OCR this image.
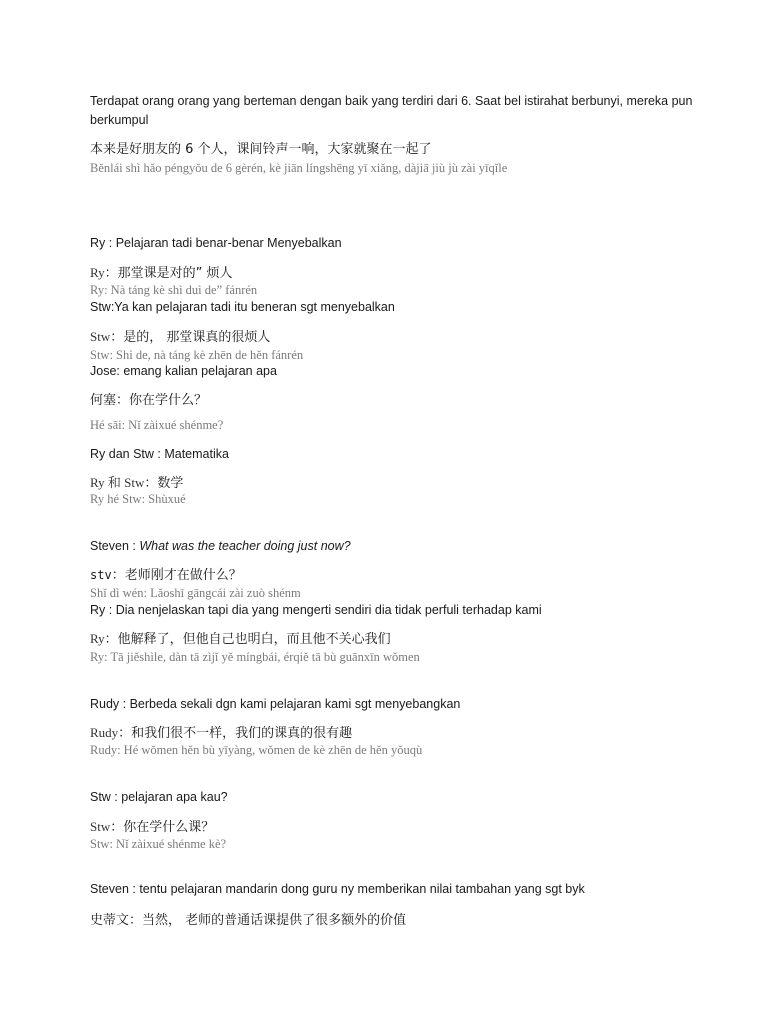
Terdapat orang orang yang berteman dengan baik yang terdiri dari 6. Saat bel istirahat berbunyi, mereka pun berkumpul
本来是好朋友的 6 个人，课间铃声一响，大家就聚在一起了
Běnlái shì hǎo péngyǒu de 6 gèrén, kè jiān língshēng yī xiǎng, dàjiā jiù jù zài yīqǐle
Ry : Pelajaran tadi benar-benar Menyebalkan
Ry：那堂课是对的” 烦人
Ry: Nà táng kè shì duì de” fánrén
Stw:Ya kan pelajaran tadi itu beneran sgt menyebalkan
Stw：是的， 那堂课真的很烦人
Stw: Shì de, nà táng kè zhēn de hěn fánrén
Jose: emang kalian pelajaran apa
何塞：你在学什么？
Hé sāi: Nǐ zàixué shénme?
Ry dan Stw : Matematika
Ry 和 Stw：数学
Ry hé Stw: Shùxué
Steven : What was the teacher doing just now?
stv：老师刚才在做什么？
Shǐ dì wén: Lǎoshī gāngcái zài zuò shénm
Ry : Dia nenjelaskan tapi dia yang mengerti sendiri dia tidak perfuli terhadap kami
Ry：他解释了，但他自己也明白，而且他不关心我们
Ry: Tā jiěshìle, dàn tā zìjǐ yě míngbái, érqiě tā bù guānxīn wǒmen
Rudy : Berbeda sekali dgn kami pelajaran kami sgt menyebangkan
Rudy：和我们很不一样，我们的课真的很有趣
Rudy: Hé wǒmen hěn bù yīyàng, wǒmen de kè zhēn de hěn yǒuqù
Stw : pelajaran apa kau?
Stw：你在学什么课？
Stw: Nǐ zàixué shénme kè?
Steven : tentu pelajaran mandarin dong guru ny memberikan nilai tambahan yang sgt byk
史蒂文：当然， 老师的普通话课提供了很多额外的价值
